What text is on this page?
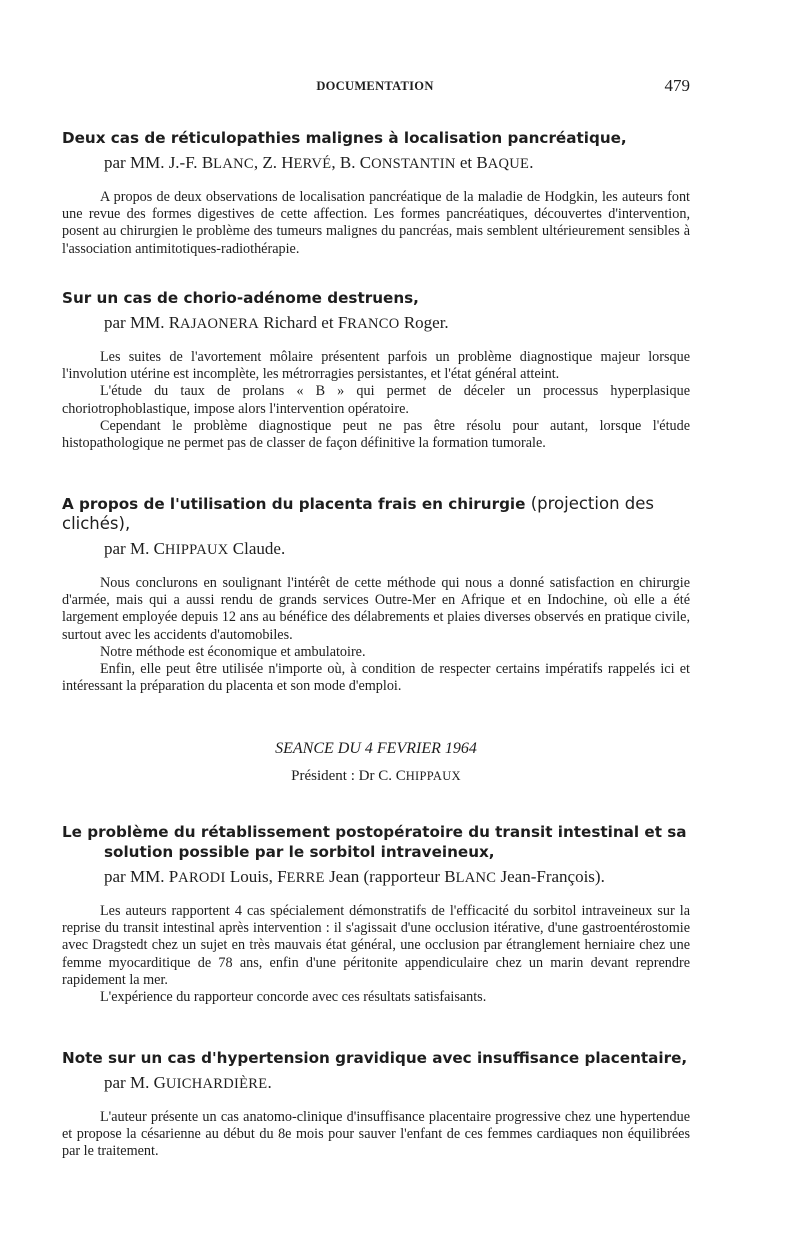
DOCUMENTATION	479
Deux cas de réticulopathies malignes à localisation pancréatique,
par MM. J.-F. BLANC, Z. HERVÉ, B. CONSTANTIN et BAQUE.

A propos de deux observations de localisation pancréatique de la maladie de Hodgkin, les auteurs font une revue des formes digestives de cette affection. Les formes pancréatiques, découvertes d'intervention, posent au chirurgien le problème des tumeurs malignes du pancréas, mais semblent ultérieurement sensibles à l'association antimitotiques-radiothérapie.

Sur un cas de chorio-adénome destruens,
par MM. RAJAONERA Richard et FRANCO Roger.

Les suites de l'avortement môlaire présentent parfois un problème diagnostique majeur lorsque l'involution utérine est incomplète, les métrorragies persistantes, et l'état général atteint.

L'étude du taux de prolans « B » qui permet de déceler un processus hyperplasique choriotrophoblastique, impose alors l'intervention opératoire.

Cependant le problème diagnostique peut ne pas être résolu pour autant, lorsque l'étude histopathologique ne permet pas de classer de façon définitive la formation tumorale.

A propos de l'utilisation du placenta frais en chirurgie (projection des clichés),
par M. CHIPPAUX Claude.

Nous conclurons en soulignant l'intérêt de cette méthode qui nous a donné satisfaction en chirurgie d'armée, mais qui a aussi rendu de grands services Outre-Mer en Afrique et en Indochine, où elle a été largement employée depuis 12 ans au bénéfice des délabrements et plaies diverses observés en pratique civile, surtout avec les accidents d'automobiles.

Notre méthode est économique et ambulatoire.

Enfin, elle peut être utilisée n'importe où, à condition de respecter certains impératifs rappelés ici et intéressant la préparation du placenta et son mode d'emploi.

SEANCE DU 4 FEVRIER 1964
Président : Dr C. CHIPPAUX
Le problème du rétablissement postopératoire du transit intestinal et sa
solution possible par le sorbitol intraveineux,
par MM. PARODI Louis, FERRE Jean (rapporteur BLANC Jean-François).

Les auteurs rapportent 4 cas spécialement démonstratifs de l'efficacité du sorbitol intraveineux sur la reprise du transit intestinal après intervention : il s'agissait d'une occlusion itérative, d'une gastroentérostomie avec Dragstedt chez un sujet en très mauvais état général, une occlusion par étranglement herniaire chez une femme myocarditique de 78 ans, enfin d'une péritonite appendiculaire chez un marin devant reprendre rapidement la mer.

L'expérience du rapporteur concorde avec ces résultats satisfaisants.

Note sur un cas d'hypertension gravidique avec insuffisance placentaire,
par M. GUICHARDIÈRE.

L'auteur présente un cas anatomo-clinique d'insuffisance placentaire progressive chez une hypertendue et propose la césarienne au début du 8e mois pour sauver l'enfant de ces femmes cardiaques non équilibrées par le traitement.
